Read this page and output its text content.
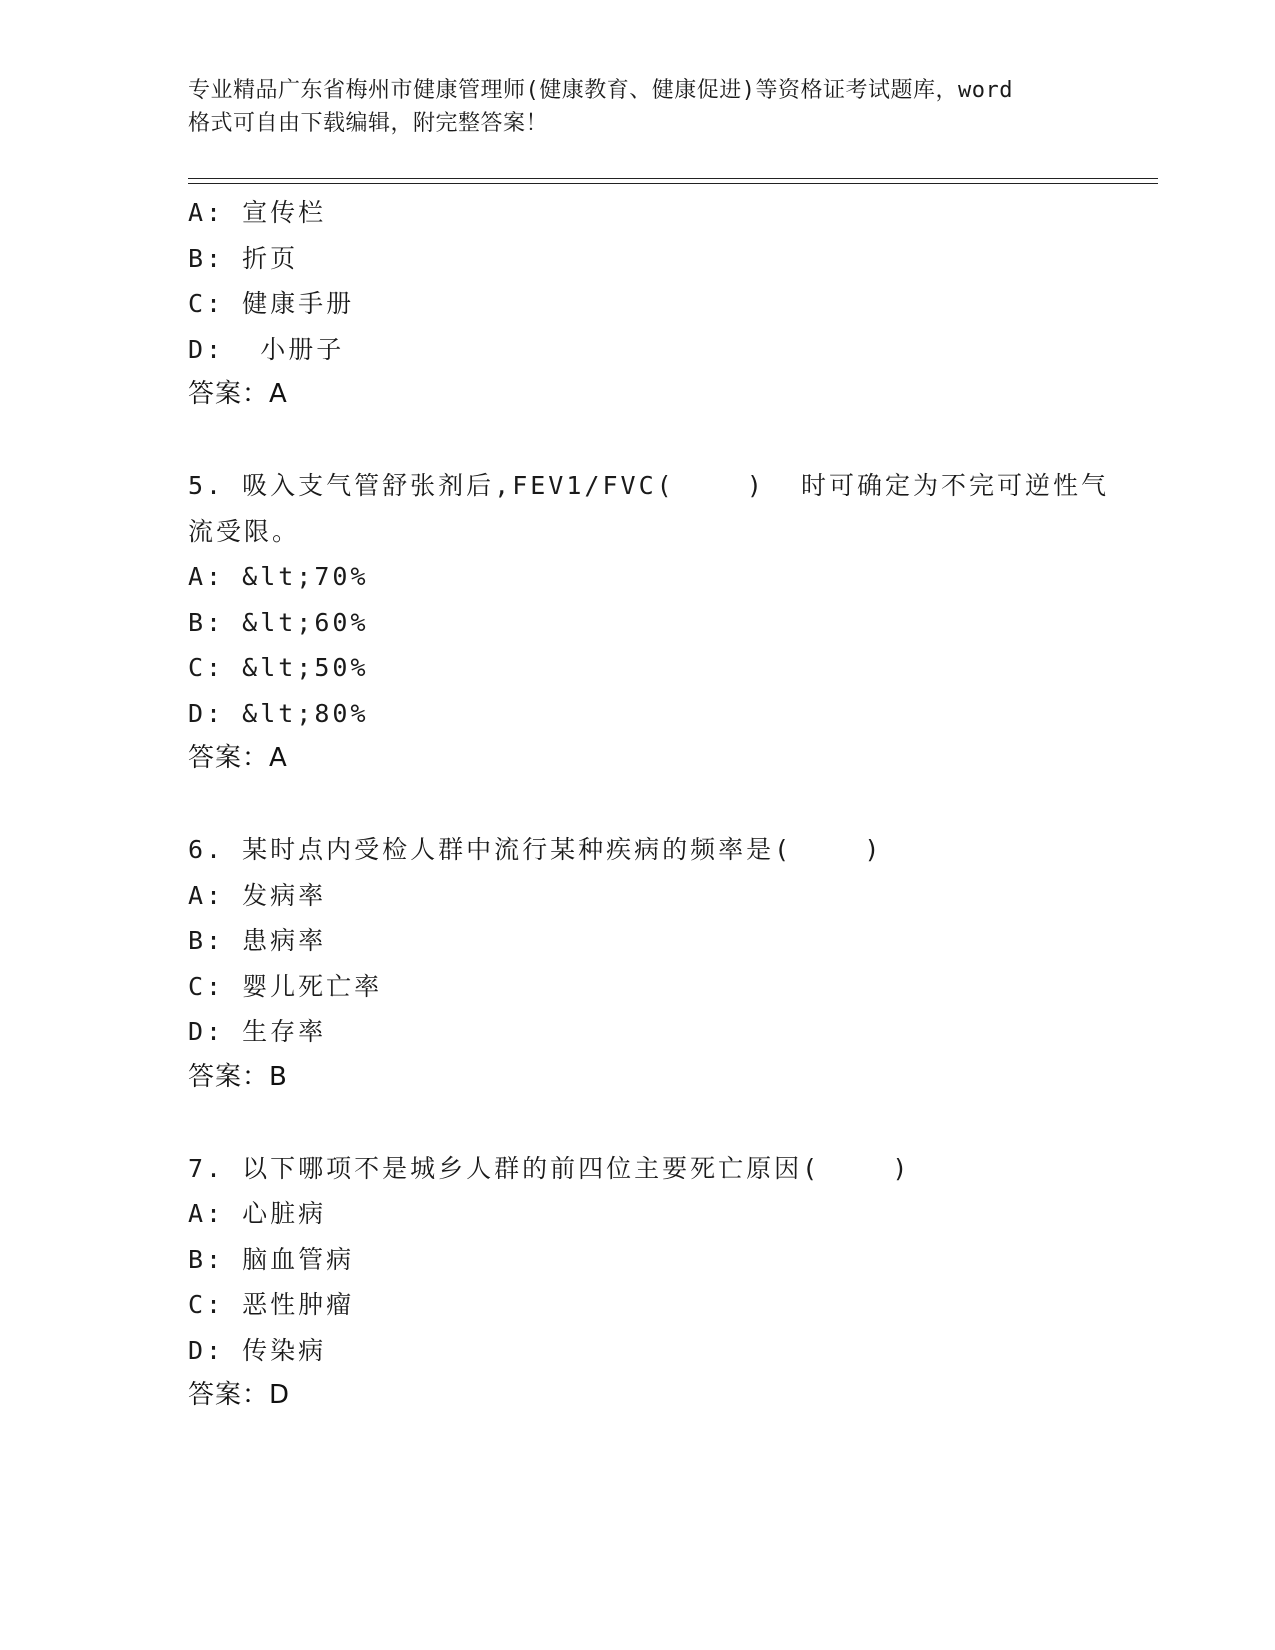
专业精品广东省梅州市健康管理师(健康教育、健康促进)等资格证考试题库，word
格式可自由下载编辑，附完整答案！
A: 宣传栏
B: 折页
C: 健康手册
D:  小册子
答案：A
5. 吸入支气管舒张剂后,FEV1/FVC(    )  时可确定为不完可逆性气
流受限。
A: &lt;70%
B: &lt;60%
C: &lt;50%
D: &lt;80%
答案：A
6. 某时点内受检人群中流行某种疾病的频率是(    )
A: 发病率
B: 患病率
C: 婴儿死亡率
D: 生存率
答案：B
7. 以下哪项不是城乡人群的前四位主要死亡原因(    )
A: 心脏病
B: 脑血管病
C: 恶性肿瘤
D: 传染病
答案：D
